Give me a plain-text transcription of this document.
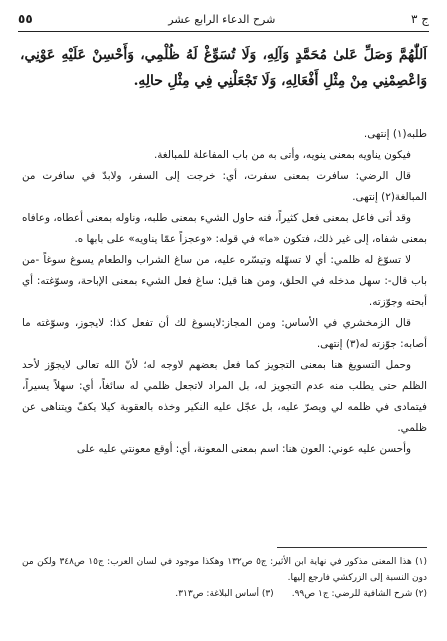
ج ٣
شرح الدعاء الرابع عشر
٥٥
اَللّٰهُمَّ وَصَلِّ عَلىٰ مُحَمَّدٍ وَآلِهِ، وَلَا تُسَوِّغْ لَهُ ظُلْمِي، وَأَحْسِنْ عَلَيْهِ عَوْنِي، وَاعْصِمْنِي مِنْ مِثْلِ أَفْعَالِهِ، وَلَا تَجْعَلْنِي فِي مِثْلِ حالِهِ.

طلبه(١) إنتهى.

فيكون يناويه بمعنى ينويه، وأتى به من باب المفاعلة للمبالغة.

قال الرضي: سافرت بمعنى سفرت، أي: خرجت إلى السفر، ولابدّ في سافرت من المبالغة(٢) إنتهى.

وقد أتى فاعل بمعنى فعل كثيراً، فنه حاول الشيء بمعنى طلبه، وناوله بمعنى أعطاه، وعافاه بمعنى شفاه، إلى غير ذلك، فتكون «ما» في قوله: «وعجزاً عمّا يناويه» على بابها ه.

لا تسوّغ له ظلمي: أي لا تسهّله وتيسّره عليه، من ساغ الشراب والطعام يسوغ سوغاً -من باب قال-: سهل مدخله في الحلق، ومن هنا قيل: ساغ فعل الشيء بمعنى الإباحة، وسوّغته: أي أبحته وجوّزته.

قال الزمخشري في الأساس: ومن المجاز:لايسوغ لك أن تفعل كذا: لايجوز، وسوّغته ما أصابه: جوّزته له(٣) إنتهى.

وحمل التسويغ هنا بمعنى التجويز كما فعل بعضهم لاوجه له؛ لأنّ الله تعالى لايجوّز لأحد الظلم حتى يطلب منه عدم التجويز له، بل المراد لاتجعل ظلمي له سائغاً، أي: سهلاً يسيراً، فيتمادى في ظلمه لي ويصرّ عليه، بل عجّل عليه النكير وخذه بالعقوبة كيلا يكفّ ويتناهى عن ظلمي.

وأحسن عليه عوني: العون هنا: اسم بمعنى المعونة، أي: أوقع معونتي عليه على

(١) هذا المعنى مذكور في نهاية ابن الأثير: ج٥ ص١٣٢ وهكذا موجود في لسان العرب: ج١٥ ص٣٤٨ ولكن من دون النسبة إلى الزركشي فارجع إليها.

(٢) شرح الشافية للرضي: ج١ ص٩٩.
(٣) أساس البلاغة: ص٣١٣.
